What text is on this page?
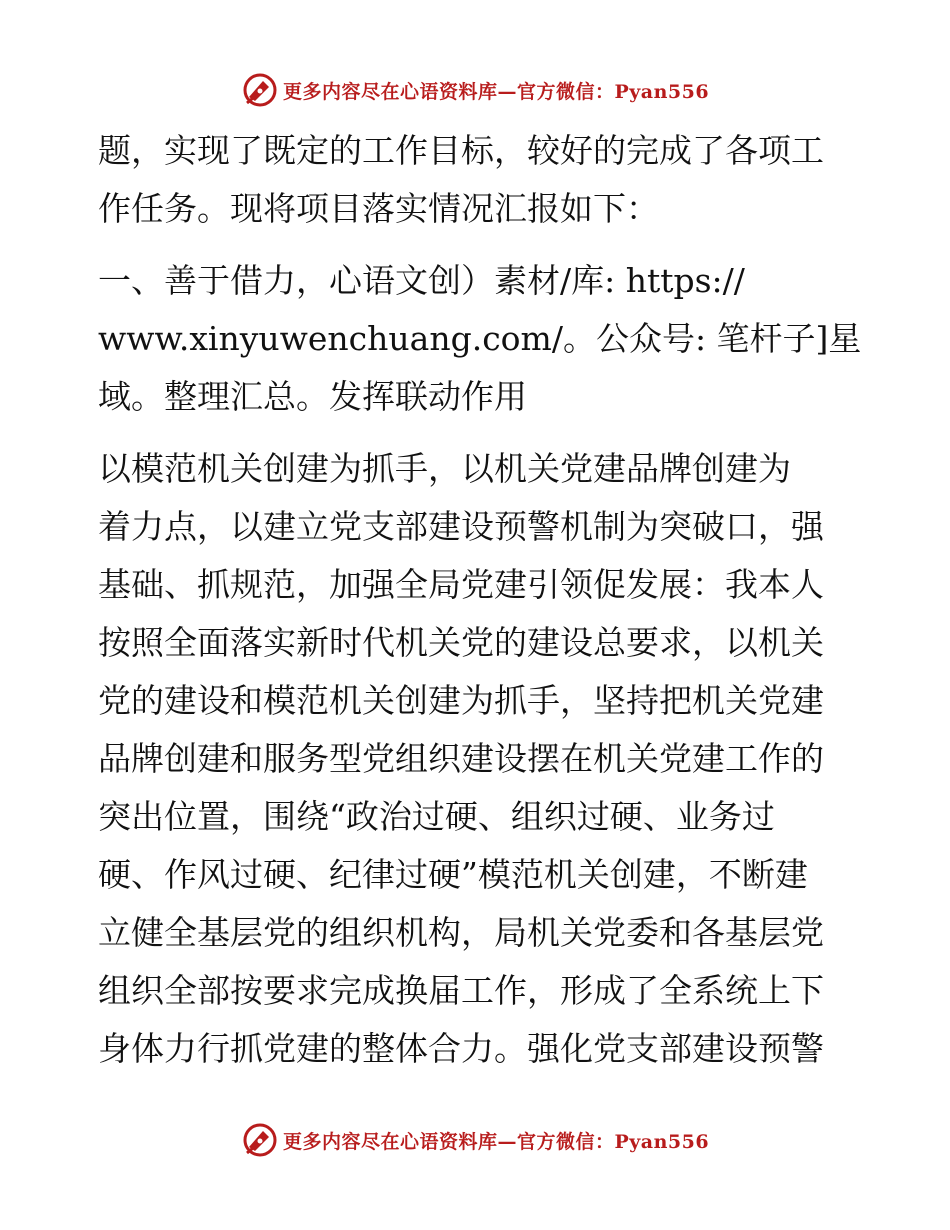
更多内容尽在心语资料库—官方微信：Pyan556
题，实现了既定的工作目标，较好的完成了各项工
作任务。现将项目落实情况汇报如下：
一、善于借力，心语文创）素材/库: https://
www.xinyuwenchuang.com/。公众号: 笔杆子]星
域。整理汇总。发挥联动作用
以模范机关创建为抓手，以机关党建品牌创建为
着力点，以建立党支部建设预警机制为突破口，强
基础、抓规范，加强全局党建引领促发展：我本人
按照全面落实新时代机关党的建设总要求，以机关
党的建设和模范机关创建为抓手，坚持把机关党建
品牌创建和服务型党组织建设摆在机关党建工作的
突出位置，围绕“政治过硬、组织过硬、业务过
硬、作风过硬、纪律过硬”模范机关创建，不断建
立健全基层党的组织机构，局机关党委和各基层党
组织全部按要求完成换届工作，形成了全系统上下
身体力行抓党建的整体合力。强化党支部建设预警
更多内容尽在心语资料库—官方微信：Pyan556
